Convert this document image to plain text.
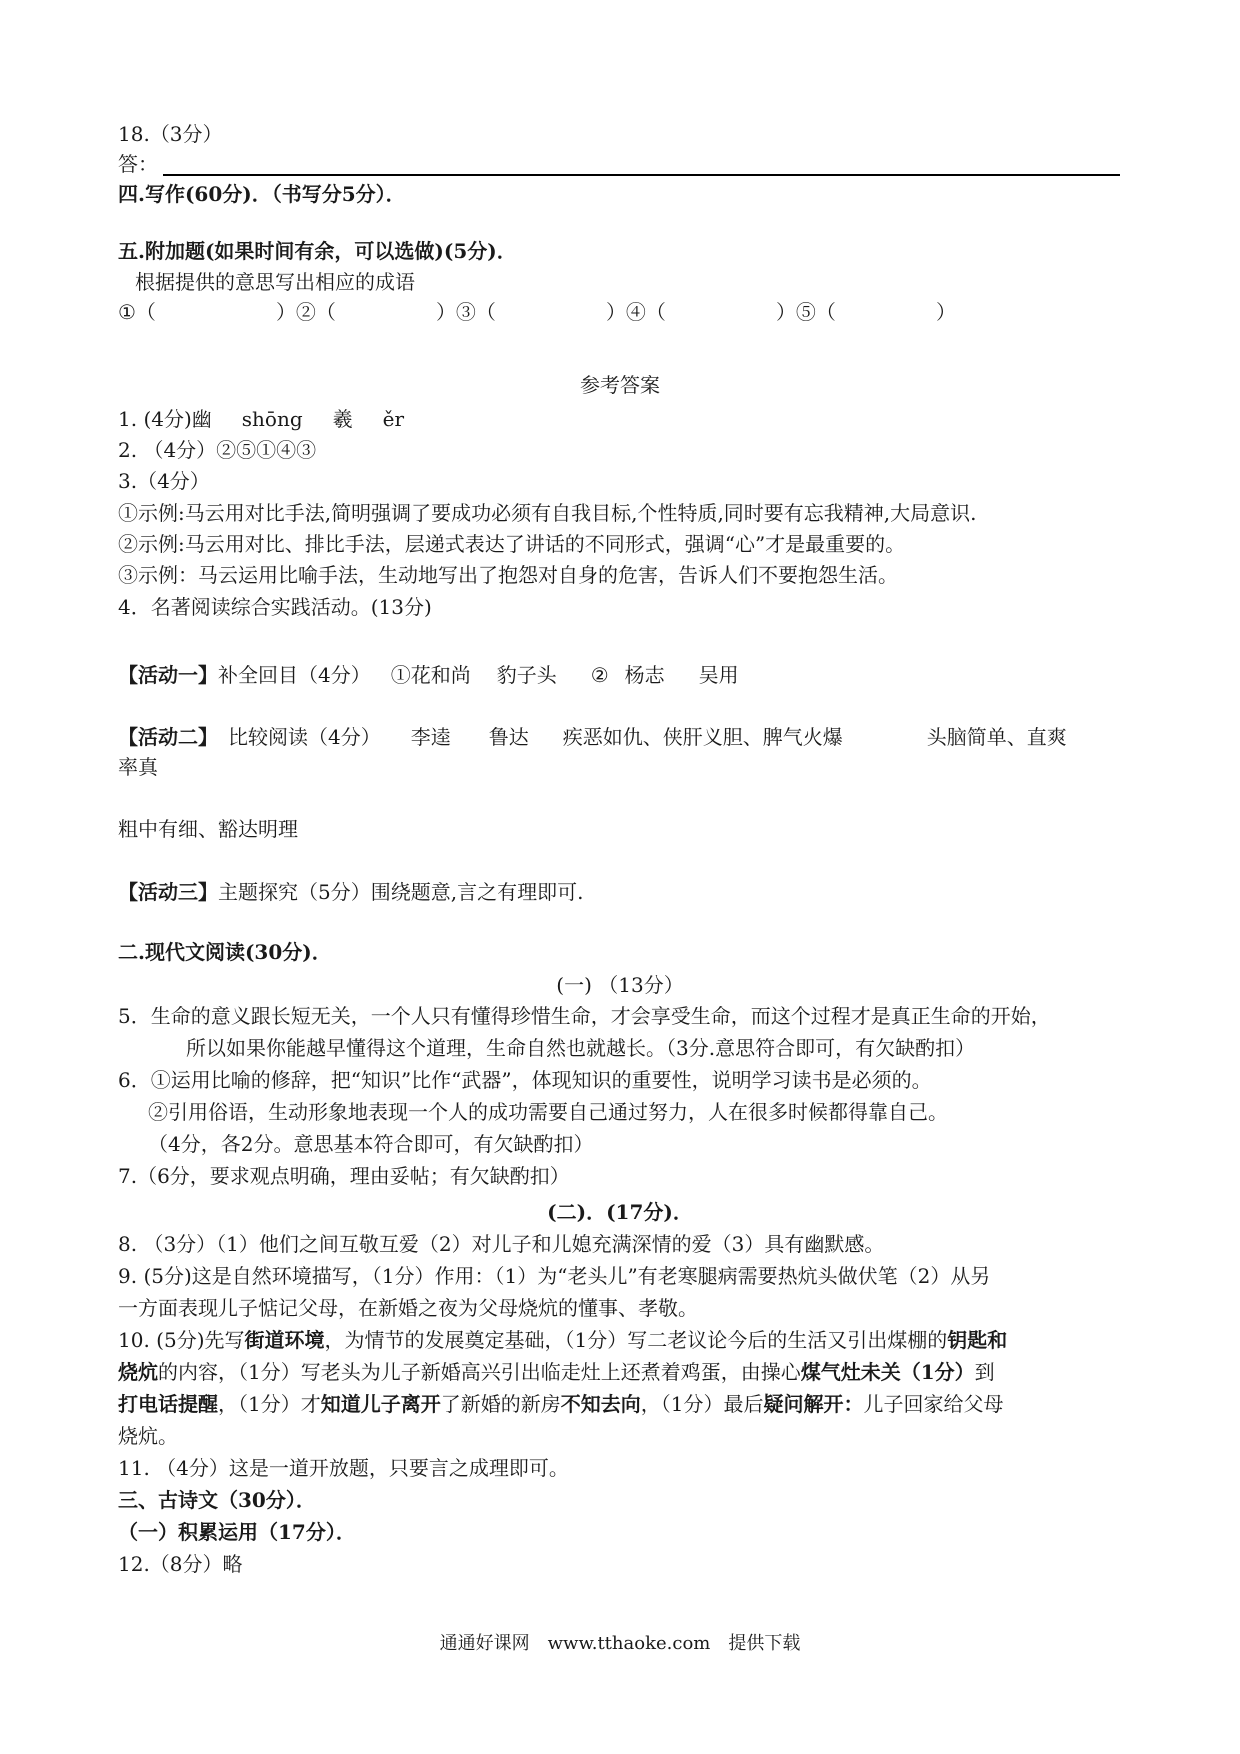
18.（3分）
答：
四.写作(60分)．（书写分5分）．
五.附加题(如果时间有余，可以选做)(5分)．
根据提供的意思写出相应的成语
①（	）②（	）③（	）④（	）⑤（	）
参考答案
1. (4分)幽 shōng 羲 ěr
2. （4分）②⑤①④③
3.（4分）
①示例:马云用对比手法,简明强调了要成功必须有自我目标,个性特质,同时要有忘我精神,大局意识.
②示例:马云用对比、排比手法，层递式表达了讲话的不同形式，强调“心”才是最重要的。
③示例：马云运用比喻手法，生动地写出了抱怨对自身的危害，告诉人们不要抱怨生活。
4．名著阅读综合实践活动。(13分)
【活动一】补全回目（4分） ①花和尚 豹子头 ② 杨志 吴用
【活动二】 比较阅读（4分） 李逵 鲁达 疾恶如仇、侠肝义胆、脾气火爆	头脑简单、直爽
率真
粗中有细、豁达明理
【活动三】主题探究（5分）围绕题意,言之有理即可.
二.现代文阅读(30分)．
(一) （13分）
5．生命的意义跟长短无关，一个人只有懂得珍惜生命，才会享受生命，而这个过程才是真正生命的开始，
所以如果你能越早懂得这个道理，生命自然也就越长。（3分.意思符合即可，有欠缺酌扣）
6．①运用比喻的修辞，把“知识”比作“武器”，体现知识的重要性，说明学习读书是必须的。
②引用俗语，生动形象地表现一个人的成功需要自己通过努力，人在很多时候都得靠自己。
（4分，各2分。意思基本符合即可，有欠缺酌扣）
7.（6分，要求观点明确，理由妥帖；有欠缺酌扣）
(二)．(17分)．
8. （3分）（1）他们之间互敬互爱（2）对儿子和儿媳充满深情的爱（3）具有幽默感。
9. (5分)这是自然环境描写，（1分）作用：（1）为“老头儿”有老寒腿病需要热炕头做伏笔（2）从另
一方面表现儿子惦记父母，在新婚之夜为父母烧炕的懂事、孝敬。
10. (5分)先写街道环境，为情节的发展奠定基础，（1分）写二老议论今后的生活又引出煤棚的钥匙和
烧炕的内容，（1分）写老头为儿子新婚高兴引出临走灶上还煮着鸡蛋，由操心煤气灶未关（1分）到
打电话提醒，（1分）才知道儿子离开了新婚的新房不知去向，（1分）最后疑问解开：儿子回家给父母
烧炕。
11. （4分）这是一道开放题，只要言之成理即可。
三、古诗文（30分）．
（一）积累运用（17分）．
12.（8分）略
通通好课网　www.tthaoke.com　提供下载
